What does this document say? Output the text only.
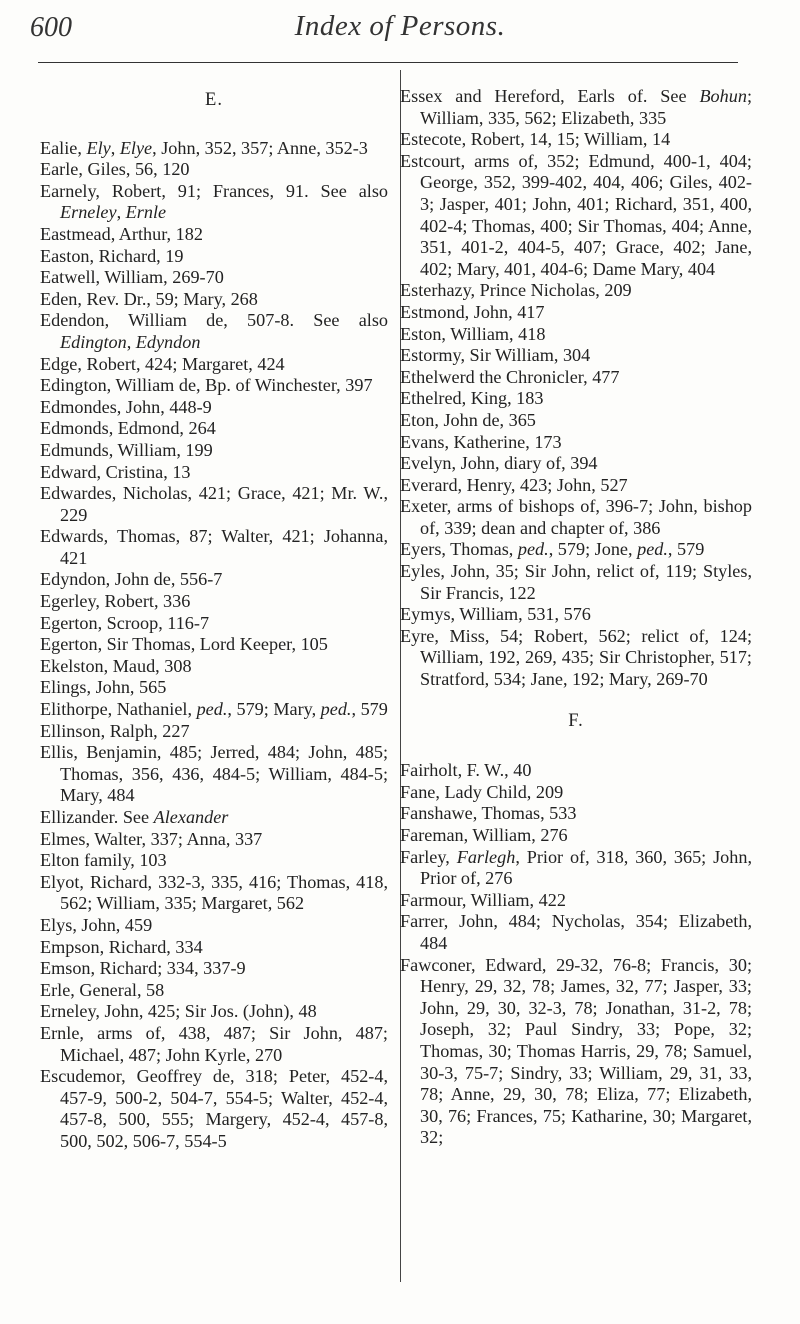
600	Index of Persons.
E.

Ealie, Ely, Elye, John, 352, 357; Anne, 352-3

Earle, Giles, 56, 120

Earnely, Robert, 91; Frances, 91. See also Erneley, Ernle

Eastmead, Arthur, 182

Easton, Richard, 19

Eatwell, William, 269-70

Eden, Rev. Dr., 59; Mary, 268

Edendon, William de, 507-8. See also Edington, Edyndon

Edge, Robert, 424; Margaret, 424

Edington, William de, Bp. of Winchester, 397

Edmondes, John, 448-9

Edmonds, Edmond, 264

Edmunds, William, 199

Edward, Cristina, 13

Edwardes, Nicholas, 421; Grace, 421; Mr. W., 229

Edwards, Thomas, 87; Walter, 421; Johanna, 421

Edyndon, John de, 556-7

Egerley, Robert, 336

Egerton, Scroop, 116-7

Egerton, Sir Thomas, Lord Keeper, 105

Ekelston, Maud, 308

Elings, John, 565

Elithorpe, Nathaniel, ped., 579; Mary, ped., 579

Ellinson, Ralph, 227

Ellis, Benjamin, 485; Jerred, 484; John, 485; Thomas, 356, 436, 484-5; William, 484-5; Mary, 484

Ellizander. See Alexander

Elmes, Walter, 337; Anna, 337

Elton family, 103

Elyot, Richard, 332-3, 335, 416; Thomas, 418, 562; William, 335; Margaret, 562

Elys, John, 459

Empson, Richard, 334

Emson, Richard; 334, 337-9

Erle, General, 58

Erneley, John, 425; Sir Jos. (John), 48

Ernle, arms of, 438, 487; Sir John, 487; Michael, 487; John Kyrle, 270

Escudemor, Geoffrey de, 318; Peter, 452-4, 457-9, 500-2, 504-7, 554-5; Walter, 452-4, 457-8, 500, 555; Margery, 452-4, 457-8, 500, 502, 506-7, 554-5

Essex and Hereford, Earls of. See Bohun; William, 335, 562; Elizabeth, 335

Estecote, Robert, 14, 15; William, 14

Estcourt, arms of, 352; Edmund, 400-1, 404; George, 352, 399-402, 404, 406; Giles, 402-3; Jasper, 401; John, 401; Richard, 351, 400, 402-4; Thomas, 400; Sir Thomas, 404; Anne, 351, 401-2, 404-5, 407; Grace, 402; Jane, 402; Mary, 401, 404-6; Dame Mary, 404

Esterhazy, Prince Nicholas, 209

Estmond, John, 417

Eston, William, 418

Estormy, Sir William, 304

Ethelwerd the Chronicler, 477

Ethelred, King, 183

Eton, John de, 365

Evans, Katherine, 173

Evelyn, John, diary of, 394

Everard, Henry, 423; John, 527

Exeter, arms of bishops of, 396-7; John, bishop of, 339; dean and chapter of, 386

Eyers, Thomas, ped., 579; Jone, ped., 579

Eyles, John, 35; Sir John, relict of, 119; Styles, Sir Francis, 122

Eymys, William, 531, 576

Eyre, Miss, 54; Robert, 562; relict of, 124; William, 192, 269, 435; Sir Christopher, 517; Stratford, 534; Jane, 192; Mary, 269-70

F.

Fairholt, F. W., 40

Fane, Lady Child, 209

Fanshawe, Thomas, 533

Fareman, William, 276

Farley, Farlegh, Prior of, 318, 360, 365; John, Prior of, 276

Farmour, William, 422

Farrer, John, 484; Nycholas, 354; Elizabeth, 484

Fawconer, Edward, 29-32, 76-8; Francis, 30; Henry, 29, 32, 78; James, 32, 77; Jasper, 33; John, 29, 30, 32-3, 78; Jonathan, 31-2, 78; Joseph, 32; Paul Sindry, 33; Pope, 32; Thomas, 30; Thomas Harris, 29, 78; Samuel, 30-3, 75-7; Sindry, 33; William, 29, 31, 33, 78; Anne, 29, 30, 78; Eliza, 77; Elizabeth, 30, 76; Frances, 75; Katharine, 30; Margaret, 32;
